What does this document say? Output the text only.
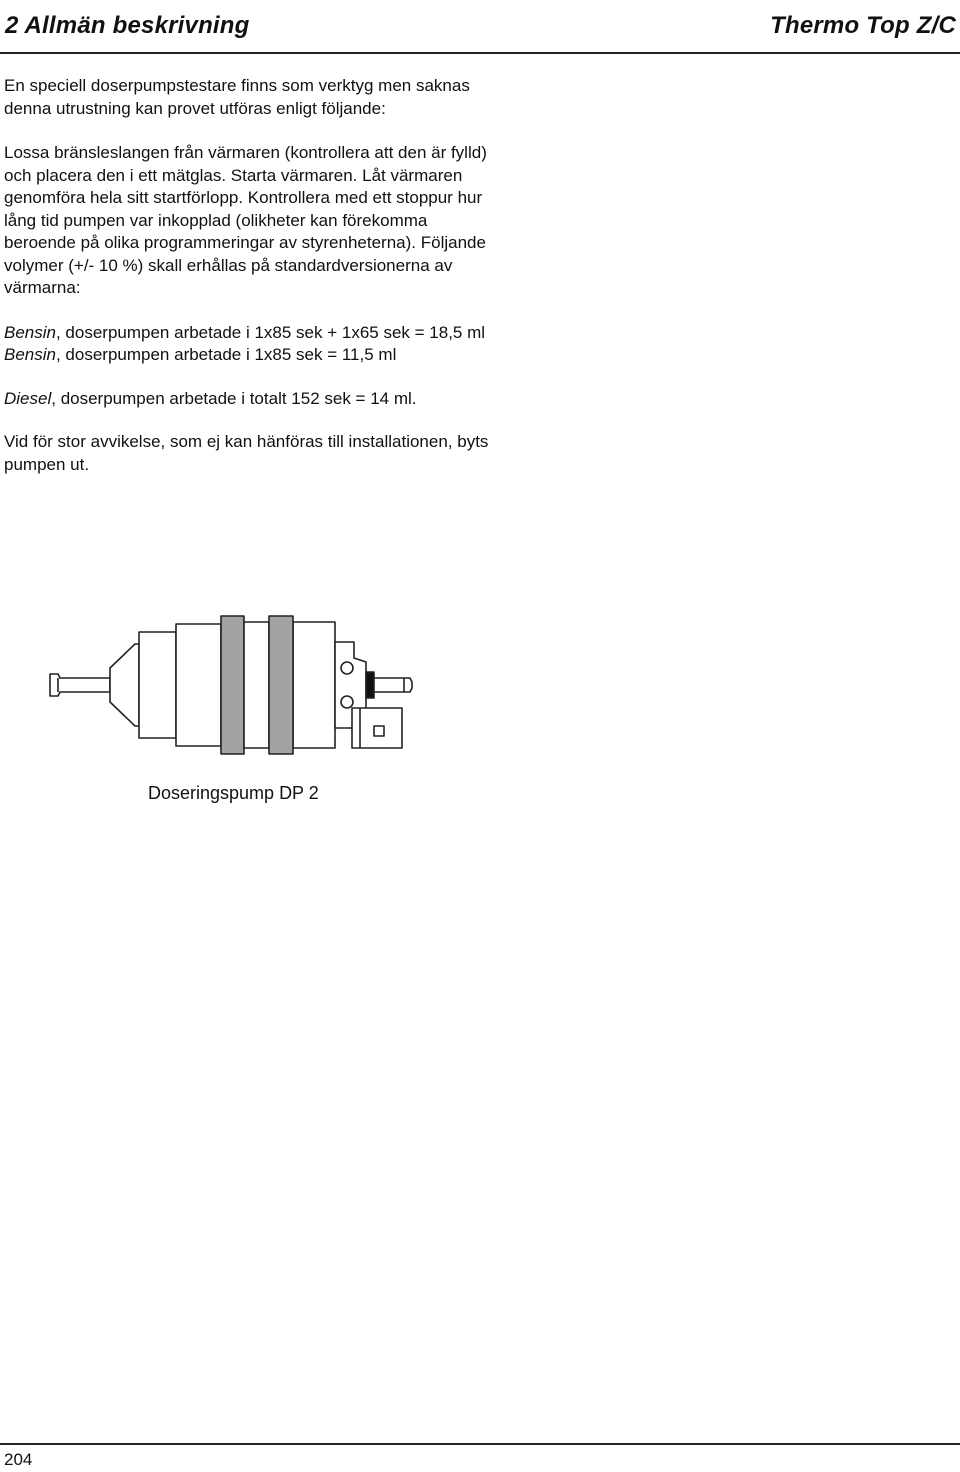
2 Allmän beskrivning	Thermo Top Z/C

En speciell doserpumpstestare finns som verktyg men saknas denna utrustning kan provet utföras enligt följande:

Lossa bränsleslangen från värmaren (kontrollera att den är fylld) och placera den i ett mätglas. Starta värmaren. Låt värmaren genomföra hela sitt startförlopp. Kontrollera med ett stoppur hur lång tid pumpen var inkopplad (olikheter kan förekomma beroende på olika programmeringar av styrenheterna). Följande volymer (+/- 10 %) skall erhållas på standardversionerna av värmarna:

Bensin, doserpumpen arbetade i 1x85 sek + 1x65 sek = 18,5 ml

Bensin, doserpumpen arbetade i 1x85 sek = 11,5 ml

Diesel, doserpumpen arbetade i totalt 152 sek = 14 ml.

Vid för stor avvikelse, som ej kan hänföras till installationen, byts pumpen ut.

Doseringspump DP 2
204
